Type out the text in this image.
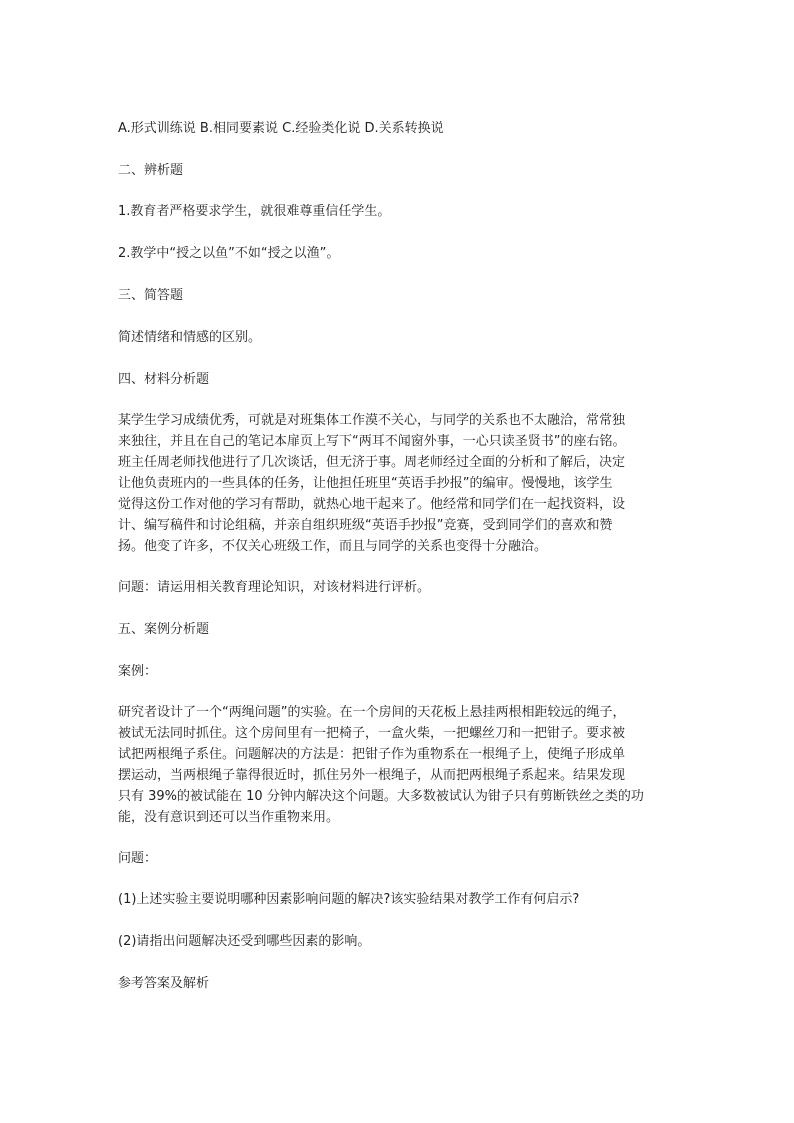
A.形式训练说 B.相同要素说 C.经验类化说 D.关系转换说
二、辨析题
1.教育者严格要求学生，就很难尊重信任学生。
2.教学中“授之以鱼”不如“授之以渔”。
三、简答题
简述情绪和情感的区别。
四、材料分析题
某学生学习成绩优秀，可就是对班集体工作漠不关心，与同学的关系也不太融洽，常常独
来独往，并且在自己的笔记本扉页上写下“两耳不闻窗外事，一心只读圣贤书”的座右铭。
班主任周老师找他进行了几次谈话，但无济于事。周老师经过全面的分析和了解后，决定
让他负责班内的一些具体的任务，让他担任班里“英语手抄报”的编审。慢慢地，该学生
觉得这份工作对他的学习有帮助，就热心地干起来了。他经常和同学们在一起找资料，设
计、编写稿件和讨论组稿，并亲自组织班级“英语手抄报”竞赛，受到同学们的喜欢和赞
扬。他变了许多，不仅关心班级工作，而且与同学的关系也变得十分融洽。
问题：请运用相关教育理论知识，对该材料进行评析。
五、案例分析题
案例：
研究者设计了一个“两绳问题”的实验。在一个房间的天花板上悬挂两根相距较远的绳子，
被试无法同时抓住。这个房间里有一把椅子，一盒火柴，一把螺丝刀和一把钳子。要求被
试把两根绳子系住。问题解决的方法是：把钳子作为重物系在一根绳子上，使绳子形成单
摆运动，当两根绳子靠得很近时，抓住另外一根绳子，从而把两根绳子系起来。结果发现
只有 39%的被试能在 10 分钟内解决这个问题。大多数被试认为钳子只有剪断铁丝之类的功
能，没有意识到还可以当作重物来用。
问题：
(1)上述实验主要说明哪种因素影响问题的解决?该实验结果对教学工作有何启示?
(2)请指出问题解决还受到哪些因素的影响。
参考答案及解析
